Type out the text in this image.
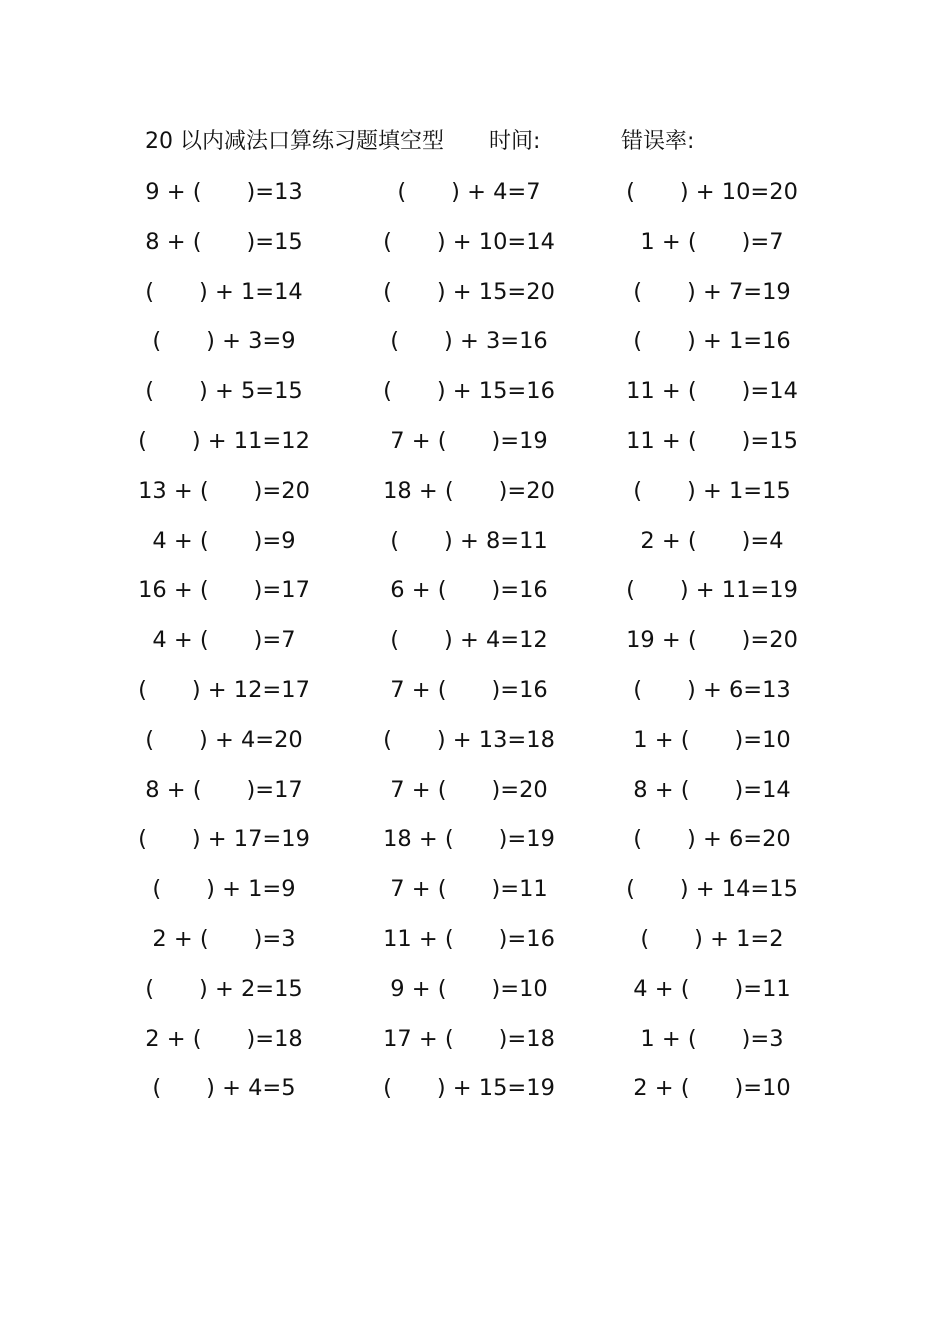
20 以内减法口算练习题填空型 时间:	错误率:
9 + (　　)=13	(　　) + 4=7	(　　) + 10=20
8 + (　　)=15	(　　) + 10=14	1 + (　　)=7
(　　) + 1=14	(　　) + 15=20	(　　) + 7=19
(　　) + 3=9	(　　) + 3=16	(　　) + 1=16
(　　) + 5=15	(　　) + 15=16	11 + (　　)=14
(　　) + 11=12	7 + (　　)=19	11 + (　　)=15
13 + (　　)=20	18 + (　　)=20	(　　) + 1=15
4 + (　　)=9	(　　) + 8=11	2 + (　　)=4
16 + (　　)=17	6 + (　　)=16	(　　) + 11=19
4 + (　　)=7	(　　) + 4=12	19 + (　　)=20
(　　) + 12=17	7 + (　　)=16	(　　) + 6=13
(　　) + 4=20	(　　) + 13=18	1 + (　　)=10
8 + (　　)=17	7 + (　　)=20	8 + (　　)=14
(　　) + 17=19	18 + (　　)=19	(　　) + 6=20
(　　) + 1=9	7 + (　　)=11	(　　) + 14=15
2 + (　　)=3	11 + (　　)=16	(　　) + 1=2
(　　) + 2=15	9 + (　　)=10	4 + (　　)=11
2 + (　　)=18	17 + (　　)=18	1 + (　　)=3
(　　) + 4=5	(　　) + 15=19	2 + (　　)=10
